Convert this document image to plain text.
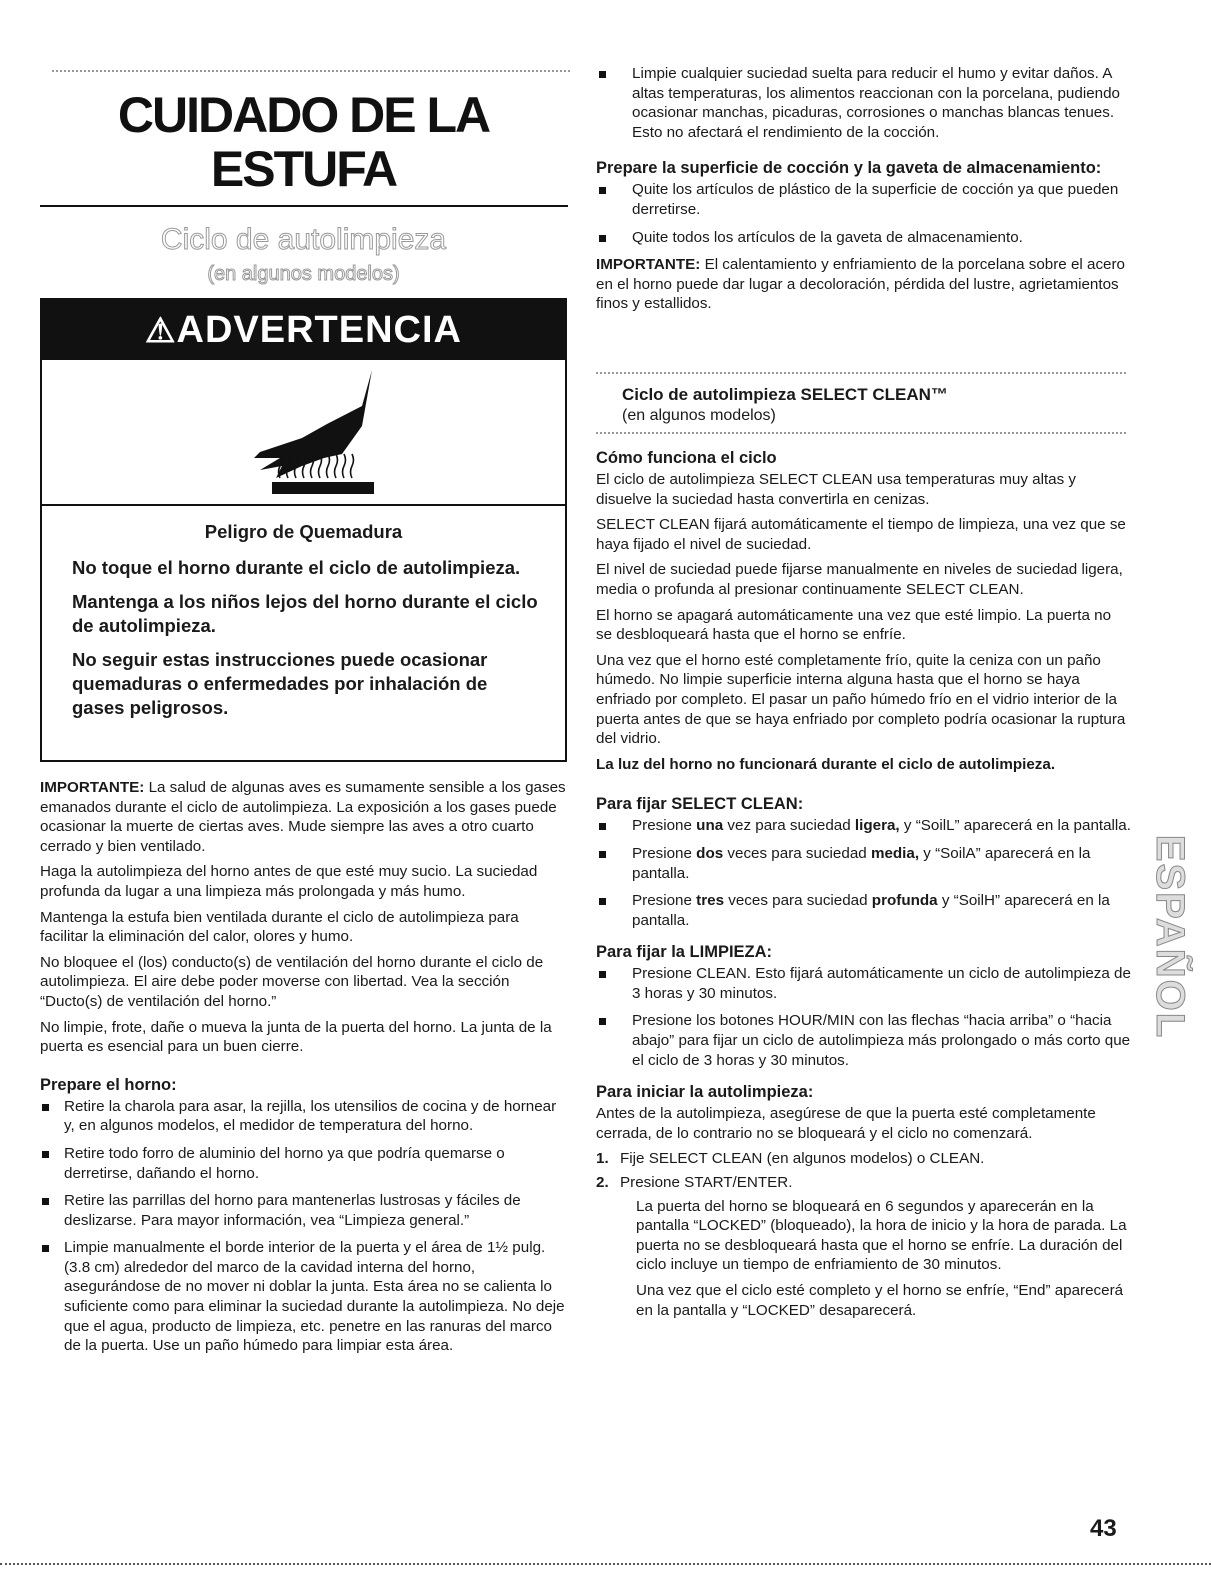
CUIDADO DE LA
ESTUFA
Ciclo de autolimpieza
(en algunos modelos)
⚠ADVERTENCIA
Peligro de Quemadura

No toque el horno durante el ciclo de autolimpieza.

Mantenga a los niños lejos del horno durante el ciclo de autolimpieza.

No seguir estas instrucciones puede ocasionar quemaduras o enfermedades por inhalación de gases peligrosos.

IMPORTANTE: La salud de algunas aves es sumamente sensible a los gases emanados durante el ciclo de autolimpieza. La exposición a los gases puede ocasionar la muerte de ciertas aves. Mude siempre las aves a otro cuarto cerrado y bien ventilado.

Haga la autolimpieza del horno antes de que esté muy sucio. La suciedad profunda da lugar a una limpieza más prolongada y más humo.

Mantenga la estufa bien ventilada durante el ciclo de autolimpieza para facilitar la eliminación del calor, olores y humo.

No bloquee el (los) conducto(s) de ventilación del horno durante el ciclo de autolimpieza. El aire debe poder moverse con libertad. Vea la sección “Ducto(s) de ventilación del horno.”

No limpie, frote, dañe o mueva la junta de la puerta del horno. La junta de la puerta es esencial para un buen cierre.

Prepare el horno:

Retire la charola para asar, la rejilla, los utensilios de cocina y de hornear y, en algunos modelos, el medidor de temperatura del horno.
Retire todo forro de aluminio del horno ya que podría quemarse o derretirse, dañando el horno.
Retire las parrillas del horno para mantenerlas lustrosas y fáciles de deslizarse. Para mayor información, vea “Limpieza general.”
Limpie manualmente el borde interior de la puerta y el área de 1½ pulg. (3.8 cm) alrededor del marco de la cavidad interna del horno, asegurándose de no mover ni doblar la junta. Esta área no se calienta lo suficiente como para eliminar la suciedad durante la autolimpieza. No deje que el agua, producto de limpieza, etc. penetre en las ranuras del marco de la puerta. Use un paño húmedo para limpiar esta área.
Limpie cualquier suciedad suelta para reducir el humo y evitar daños. A altas temperaturas, los alimentos reaccionan con la porcelana, pudiendo ocasionar manchas, picaduras, corrosiones o manchas blancas tenues. Esto no afectará el rendimiento de la cocción.

Prepare la superficie de cocción y la gaveta de almacenamiento:

Quite los artículos de plástico de la superficie de cocción ya que pueden derretirse.
Quite todos los artículos de la gaveta de almacenamiento.

IMPORTANTE: El calentamiento y enfriamiento de la porcelana sobre el acero en el horno puede dar lugar a decoloración, pérdida del lustre, agrietamientos finos y estallidos.

Ciclo de autolimpieza SELECT CLEAN™
(en algunos modelos)

Cómo funciona el ciclo

El ciclo de autolimpieza SELECT CLEAN usa temperaturas muy altas y disuelve la suciedad hasta convertirla en cenizas.

SELECT CLEAN fijará automáticamente el tiempo de limpieza, una vez que se haya fijado el nivel de suciedad.

El nivel de suciedad puede fijarse manualmente en niveles de suciedad ligera, media o profunda al presionar continuamente SELECT CLEAN.

El horno se apagará automáticamente una vez que esté limpio. La puerta no se desbloqueará hasta que el horno se enfríe.

Una vez que el horno esté completamente frío, quite la ceniza con un paño húmedo. No limpie superficie interna alguna hasta que el horno se haya enfriado por completo. El pasar un paño húmedo frío en el vidrio interior de la puerta antes de que se haya enfriado por completo podría ocasionar la ruptura del vidrio.

La luz del horno no funcionará durante el ciclo de autolimpieza.

Para fijar SELECT CLEAN:

Presione una vez para suciedad ligera, y “SoilL” aparecerá en la pantalla.
Presione dos veces para suciedad media, y “SoilA” aparecerá en la pantalla.
Presione tres veces para suciedad profunda y “SoilH” aparecerá en la pantalla.

Para fijar la LIMPIEZA:

Presione CLEAN. Esto fijará automáticamente un ciclo de autolimpieza de 3 horas y 30 minutos.
Presione los botones HOUR/MIN con las flechas “hacia arriba” o “hacia abajo” para fijar un ciclo de autolimpieza más prolongado o más corto que el ciclo de 3 horas y 30 minutos.

Para iniciar la autolimpieza:

Antes de la autolimpieza, asegúrese de que la puerta esté completamente cerrada, de lo contrario no se bloqueará y el ciclo no comenzará.

1. Fije SELECT CLEAN (en algunos modelos) o CLEAN.
2. Presione START/ENTER.

La puerta del horno se bloqueará en 6 segundos y aparecerán en la pantalla “LOCKED” (bloqueado), la hora de inicio y la hora de parada. La puerta no se desbloqueará hasta que el horno se enfríe. La duración del ciclo incluye un tiempo de enfriamiento de 30 minutos.

Una vez que el ciclo esté completo y el horno se enfríe, “End” aparecerá en la pantalla y “LOCKED” desaparecerá.

ESPAÑOL
43
